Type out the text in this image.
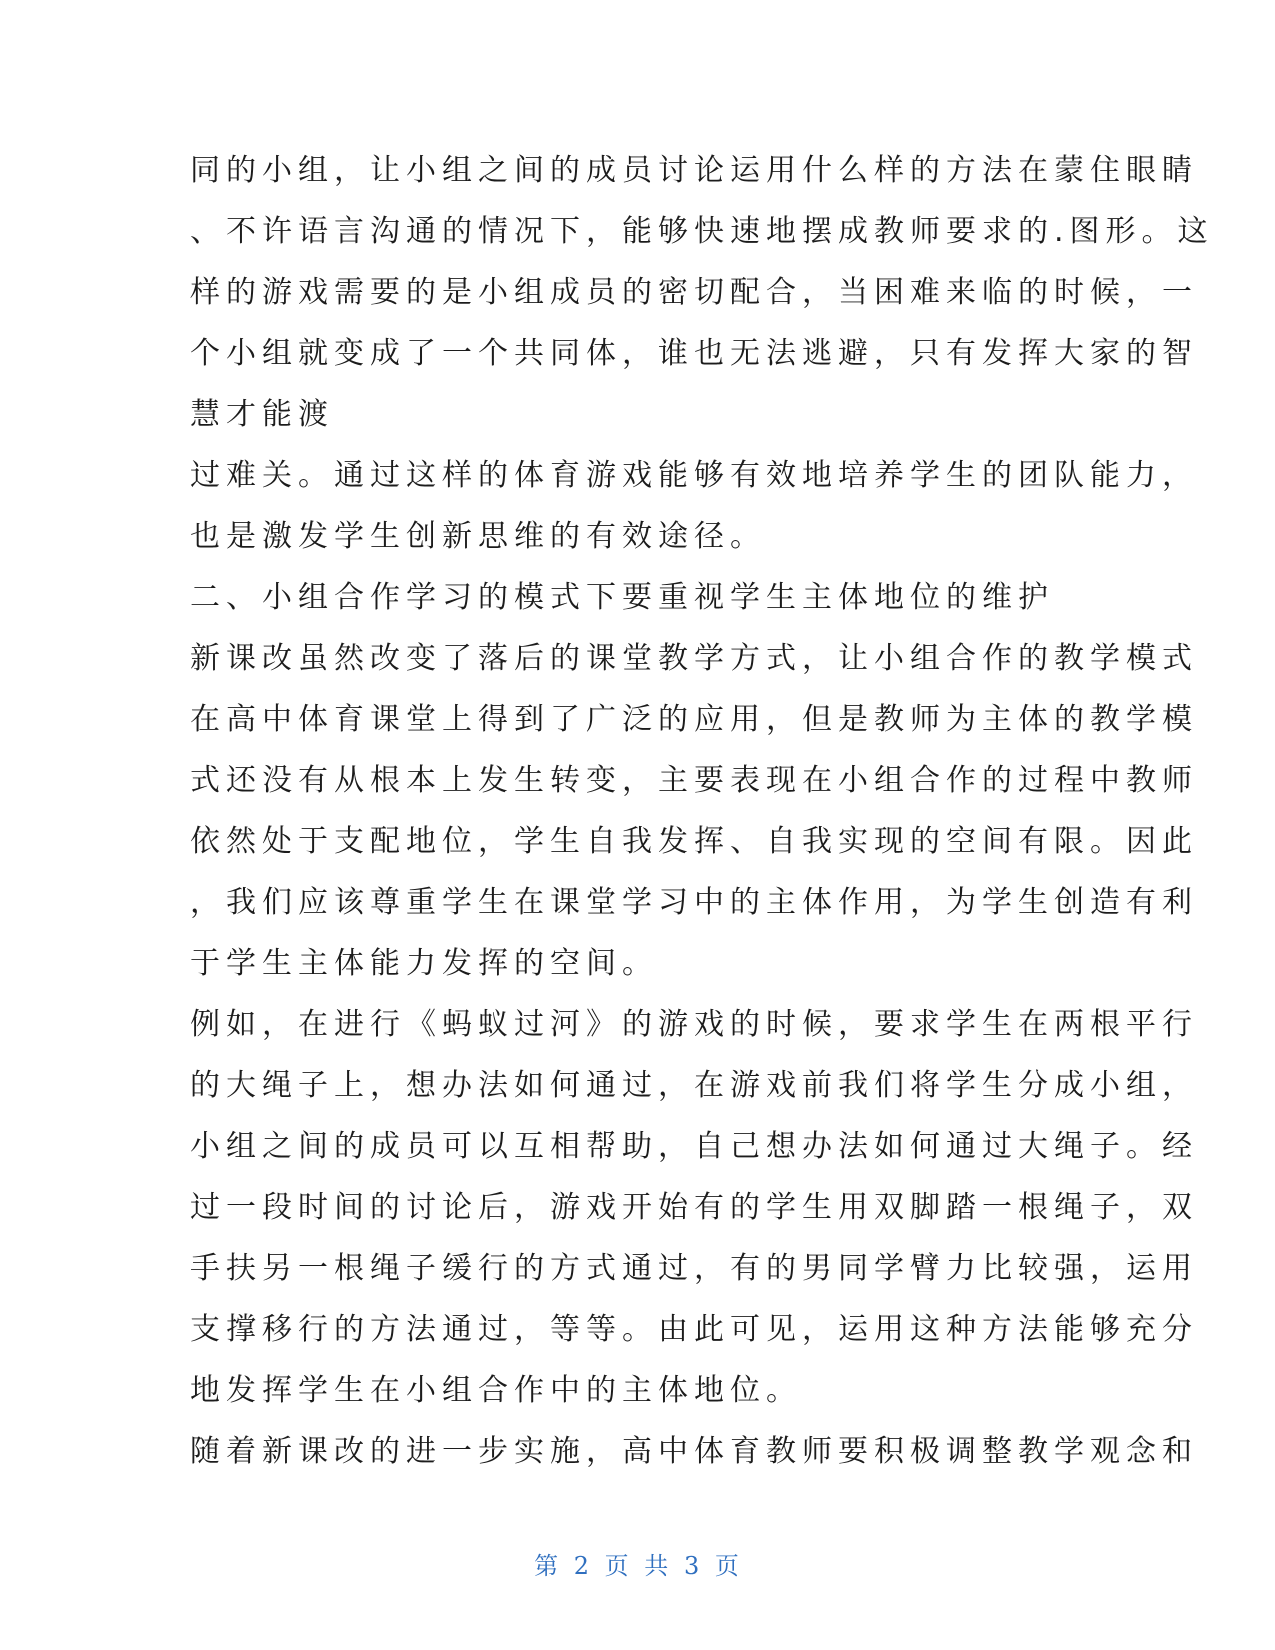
同的小组，让小组之间的成员讨论运用什么样的方法在蒙住眼睛
、不许语言沟通的情况下，能够快速地摆成教师要求的.图形。这
样的游戏需要的是小组成员的密切配合，当困难来临的时候，一
个小组就变成了一个共同体，谁也无法逃避，只有发挥大家的智
慧才能渡
过难关。通过这样的体育游戏能够有效地培养学生的团队能力，
也是激发学生创新思维的有效途径。
二、小组合作学习的模式下要重视学生主体地位的维护
新课改虽然改变了落后的课堂教学方式，让小组合作的教学模式
在高中体育课堂上得到了广泛的应用，但是教师为主体的教学模
式还没有从根本上发生转变，主要表现在小组合作的过程中教师
依然处于支配地位，学生自我发挥、自我实现的空间有限。因此
，我们应该尊重学生在课堂学习中的主体作用，为学生创造有利
于学生主体能力发挥的空间。
例如，在进行《蚂蚁过河》的游戏的时候，要求学生在两根平行
的大绳子上，想办法如何通过，在游戏前我们将学生分成小组，
小组之间的成员可以互相帮助，自己想办法如何通过大绳子。经
过一段时间的讨论后，游戏开始有的学生用双脚踏一根绳子，双
手扶另一根绳子缓行的方式通过，有的男同学臂力比较强，运用
支撑移行的方法通过，等等。由此可见，运用这种方法能够充分
地发挥学生在小组合作中的主体地位。
随着新课改的进一步实施，高中体育教师要积极调整教学观念和
第 2 页 共 3 页
